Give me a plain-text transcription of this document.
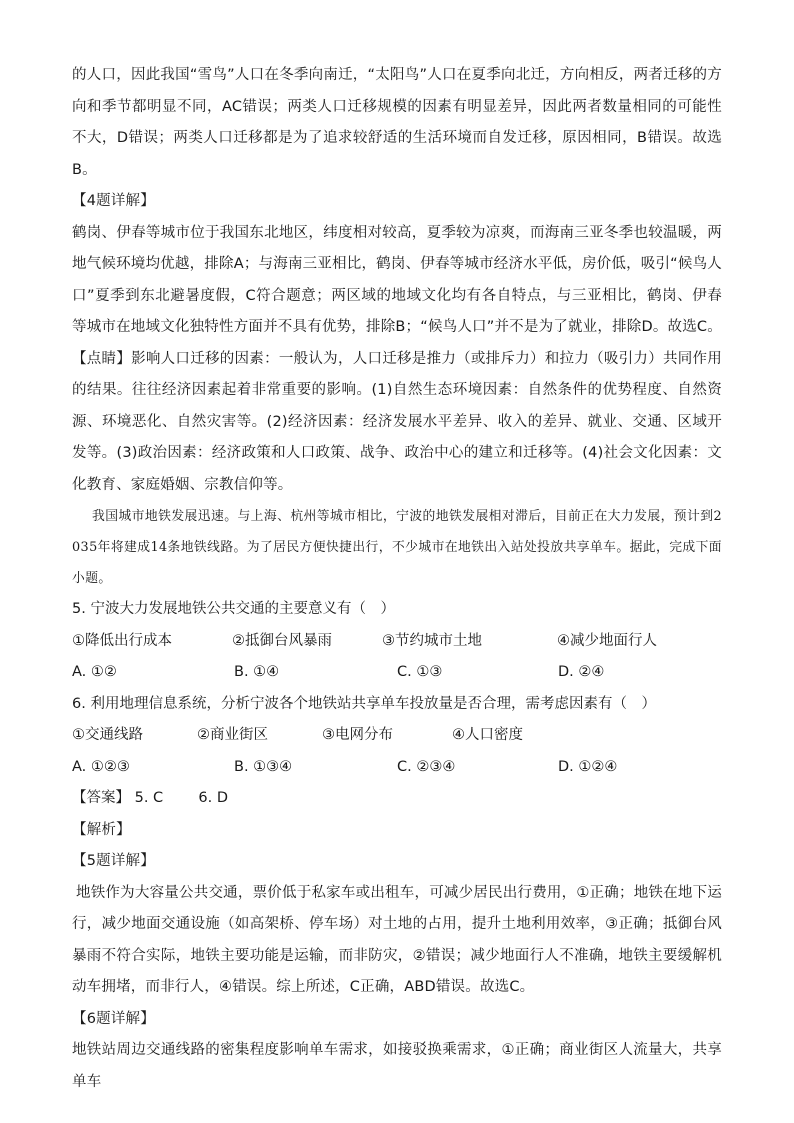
的人口，因此我国“雪鸟”人口在冬季向南迁，“太阳鸟”人口在夏季向北迁，方向相反，两者迁移的方向和季节都明显不同，AC错误；两类人口迁移规模的因素有明显差异，因此两者数量相同的可能性不大，D错误；两类人口迁移都是为了追求较舒适的生活环境而自发迁移，原因相同，B错误。故选B。

【4题详解】

鹤岗、伊春等城市位于我国东北地区，纬度相对较高，夏季较为凉爽，而海南三亚冬季也较温暖，两地气候环境均优越，排除A；与海南三亚相比，鹤岗、伊春等城市经济水平低，房价低，吸引“候鸟人口”夏季到东北避暑度假，C符合题意；两区域的地域文化均有各自特点，与三亚相比，鹤岗、伊春等城市在地域文化独特性方面并不具有优势，排除B；“候鸟人口”并不是为了就业，排除D。故选C。

【点睛】影响人口迁移的因素：一般认为，人口迁移是推力（或排斥力）和拉力（吸引力）共同作用的结果。往往经济因素起着非常重要的影响。(1)自然生态环境因素：自然条件的优势程度、自然资源、环境恶化、自然灾害等。(2)经济因素：经济发展水平差异、收入的差异、就业、交通、区域开发等。(3)政治因素：经济政策和人口政策、战争、政治中心的建立和迁移等。(4)社会文化因素：文化教育、家庭婚姻、宗教信仰等。

我国城市地铁发展迅速。与上海、杭州等城市相比，宁波的地铁发展相对滞后，目前正在大力发展，预计到2035年将建成14条地铁线路。为了居民方便快捷出行，不少城市在地铁出入站处投放共享单车。据此，完成下面小题。

5. 宁波大力发展地铁公共交通的主要意义有（　）
①降低出行成本	②抵御台风暴雨	③节约城市土地	④减少地面行人
A. ①②	B. ①④	C. ①③	D. ②④
6. 利用地理信息系统，分析宁波各个地铁站共享单车投放量是否合理，需考虑因素有（　）
①交通线路	②商业街区	③电网分布	④人口密度
A. ①②③	B. ①③④	C. ②③④	D. ①②④
【答案】 5. C 6. D

【解析】

【5题详解】

地铁作为大容量公共交通，票价低于私家车或出租车，可减少居民出行费用，①正确；地铁在地下运行，减少地面交通设施（如高架桥、停车场）对土地的占用，提升土地利用效率，③正确；抵御台风暴雨不符合实际，地铁主要功能是运输，而非防灾，②错误；减少地面行人不准确，地铁主要缓解机动车拥堵，而非行人，④错误。综上所述，C正确，ABD错误。故选C。

【6题详解】

地铁站周边交通线路的密集程度影响单车需求，如接驳换乘需求，①正确；商业街区人流量大，共享单车
